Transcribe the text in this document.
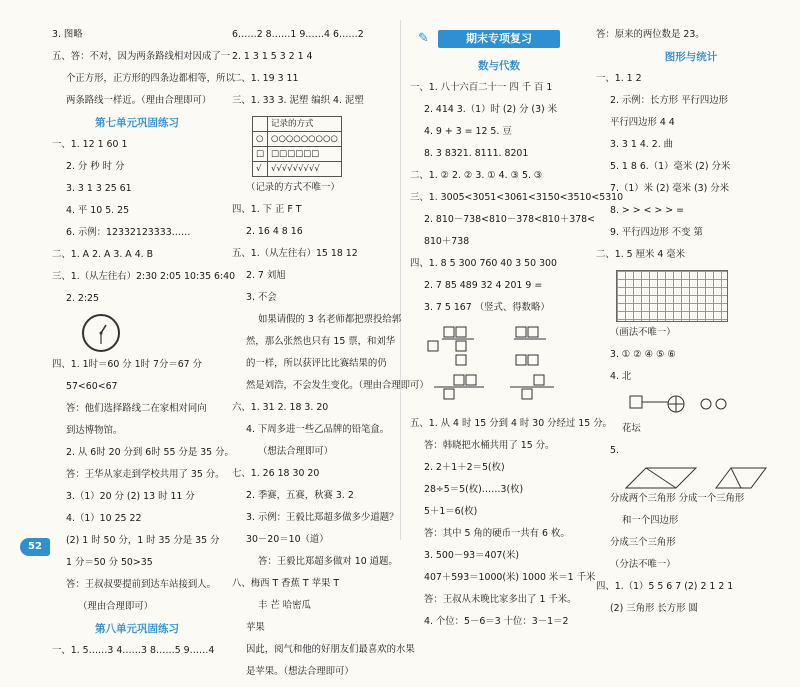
3. 图略
五、答：不对，因为两条路线相对因成了一
个正方形，正方形的四条边都相等，所以
两条路线一样近。（理由合理即可）
第七单元巩固练习
一、1. 12 1 60 1
2. 分 秒 时 分
3. 3 1 3 25 61
4. 平 10 5. 25
6. 示例：12332123333……
二、1. A 2. A 3. A 4. B
三、1.（从左往右）2:30 2:05 10:35 6:40
2. 2:25
四、1. 1时＝60 分 1时 7分＝67 分
57<60<67
答：他们选择路线二在家相对同向
到达博物馆。
2. 从 6时 20 分到 6时 55 分是 35 分。
答：王华从家走到学校共用了 35 分。
3.（1）20 分 (2) 13 时 11 分
4.（1）10 25 22
(2) 1 时 50 分，1 时 35 分是 35 分
1 分＝50 分 50>35
答：王叔叔要提前到达车站接到人。
（理由合理即可）
第八单元巩固练习
一、1. 5……3 4……3 8……5 9……4
6……2 8……1 9……4 6……2
2. 1 3 1 5 3 2 1 4
二、1. 19 3 11
三、1. 33 3. 泥塑 编织 4. 泥塑
	记录的方式
○	○○○○○○○○○
□	□□□□□□
√	√√√√√√√√√
（记录的方式不唯一）
四、1. 下 正 F T
2. 16 4 8 16
五、1.（从左往右）15 18 12
2. 7 刘旭
3. 不会
如果请假的 3 名老师都把票投给郭
然，那么张然也只有 15 票，和刘华
的一样，所以获评比比赛结果的仍
然是刘浩，不会发生变化。（理由合理即可）
六、1. 31 2. 18 3. 20
4. 下周多进一些乙品牌的铅笔盒。
（想法合理即可）
七、1. 26 18 30 20
2. 季赛，五赛，秋赛 3. 2
3. 示例：王毅比郑超多做多少道题？
30－20＝10（道）
答：王毅比郑超多做对 10 道题。
八、梅西 T 香蕉 T 苹果 T
丰 芒 哈密瓜
苹果
因此，阅气和他的好朋友们最喜欢的水果
是苹果。（想法合理即可）
✎	期末专项复习
数与代数
一、1. 八十六百二十一 四 千 百 1
2. 414 3.（1）时 (2) 分 (3) 米
4. 9 + 3 = 12 5. 豆
8. 3 8321. 8111. 8201
二、1. ② 2. ② 3. ① 4. ③ 5. ③
三、1. 3005<3051<3061<3150<3510<5310
2. 810－738<810－378<810＋378<
810＋738
四、1. 8 5 300 760 40 3 50 300
2. 7 85 489 32 4 201 9 =
3. 7 5 167 （竖式、得数略）
五、1. 从 4 时 15 分到 4 时 30 分经过 15 分。
答：韩晓把水桶共用了 15 分。
2. 2＋1＋2＝5(枚)
28÷5＝5(枚)……3(枚)
5＋1＝6(枚)
答：其中 5 角的硬币一共有 6 枚。
3. 500－93＝407(米)
407＋593＝1000(米) 1000 米＝1 千米
答：王叔从未晚比家多出了 1 千米。
4. 个位：5－6＝3 十位：3－1＝2
答：原来的两位数是 23。
图形与统计
一、1. 1 2
2. 示例：长方形 平行四边形
平行四边形 4 4
3. 3 1 4. 2. 曲
5. 1 8 6.（1）毫米 (2) 分米
7.（1）米 (2) 毫米 (3) 分米
8. > > < > > =
9. 平行四边形 不变 第
二、1. 5 厘米 4 毫米
（画法不唯一）
3. ① ② ④ ⑤ ⑥
4. 北
花坛
5.
分成两个三角形 分成一个三角形
和一个四边形
分成三个三角形
（分法不唯一）
四、1.（1）5 5 6 7 (2) 2 1 2 1
(2) 三角形 长方形 圆
52
